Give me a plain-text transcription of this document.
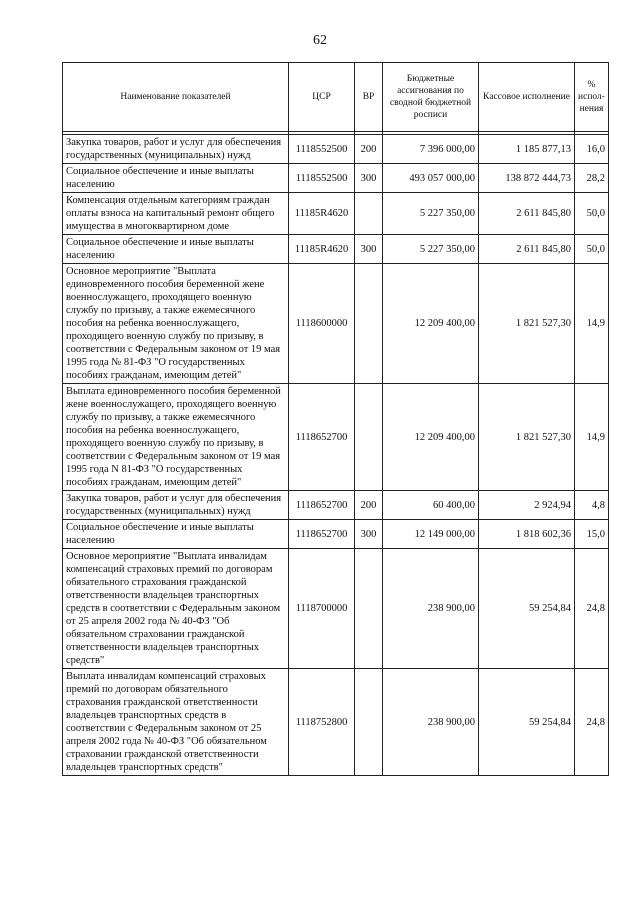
62
Наименование показателей	ЦСР	ВР	Бюджетные ассигнования по сводной бюджетной росписи	Кассовое исполнение	% испол-нения

Закупка товаров, работ и услуг для обеспечения государственных (муниципальных) нужд	1118552500	200	7 396 000,00	1 185 877,13	16,0
Социальное обеспечение и иные выплаты населению	1118552500	300	493 057 000,00	138 872 444,73	28,2
Компенсация отдельным категориям граждан оплаты взноса на капитальный ремонт общего имущества в многоквартирном доме	11185R4620		5 227 350,00	2 611 845,80	50,0
Социальное обеспечение и иные выплаты населению	11185R4620	300	5 227 350,00	2 611 845,80	50,0
Основное мероприятие "Выплата единовременного пособия беременной жене военнослужащего, проходящего военную службу по призыву, а также ежемесячного пособия на ребенка военнослужащего, проходящего военную службу по призыву, в соответствии с Федеральным законом от 19 мая 1995 года № 81-ФЗ "О государственных пособиях гражданам, имеющим детей"	1118600000		12 209 400,00	1 821 527,30	14,9
Выплата единовременного пособия беременной жене военнослужащего, проходящего военную службу по призыву, а также ежемесячного пособия на ребенка военнослужащего, проходящего военную службу по призыву, в соответствии с Федеральным законом от 19 мая 1995 года N 81-ФЗ "О государственных пособиях гражданам, имеющим детей"	1118652700		12 209 400,00	1 821 527,30	14,9
Закупка товаров, работ и услуг для обеспечения государственных (муниципальных) нужд	1118652700	200	60 400,00	2 924,94	4,8
Социальное обеспечение и иные выплаты населению	1118652700	300	12 149 000,00	1 818 602,36	15,0
Основное мероприятие "Выплата инвалидам компенсаций страховых премий по договорам обязательного страхования гражданской ответственности владельцев транспортных средств в соответствии с Федеральным законом от 25 апреля 2002 года № 40-ФЗ "Об обязательном страховании гражданской ответственности владельцев транспортных средств"	1118700000		238 900,00	59 254,84	24,8
Выплата инвалидам компенсаций страховых премий по договорам обязательного страхования гражданской ответственности владельцев транспортных средств в соответствии с Федеральным законом от 25 апреля 2002 года № 40-ФЗ "Об обязательном страховании гражданской ответственности владельцев транспортных средств"	1118752800		238 900,00	59 254,84	24,8
